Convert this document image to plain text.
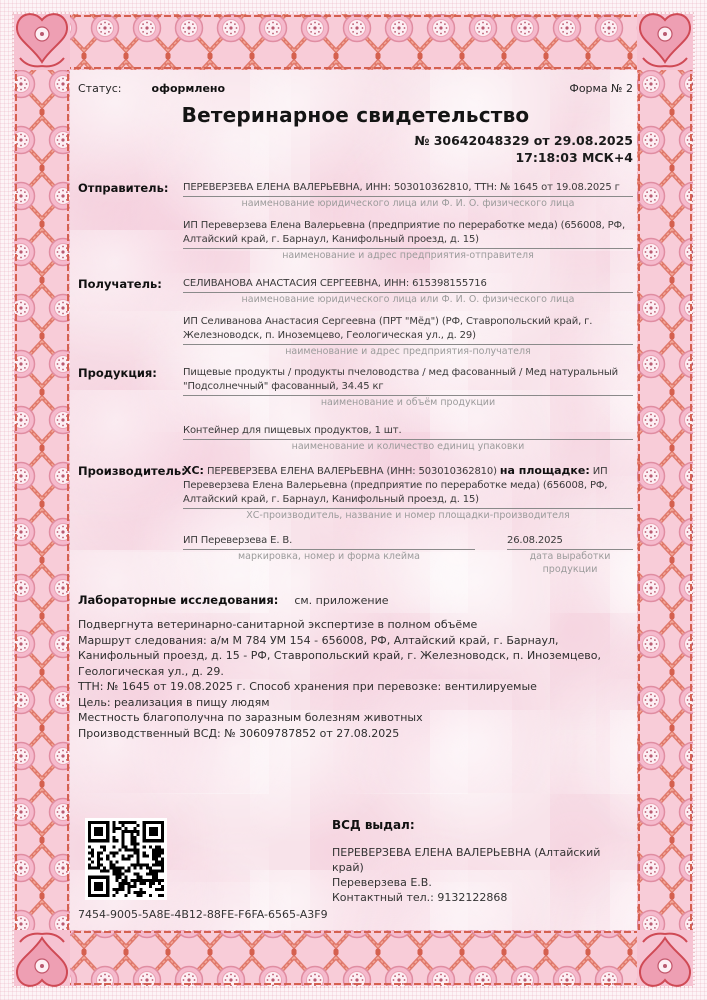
Статус:	оформлено	Форма № 2
Ветеринарное свидетельство
№ 30642048329 от 29.08.2025
17:18:03 МСК+4
Отправитель: ПЕРЕВЕРЗЕВА ЕЛЕНА ВАЛЕРЬЕВНА, ИНН: 503010362810, ТТН: № 1645 от 19.08.2025 г
наименование юридического лица или Ф. И. О. физического лица
ИП Переверзева Елена Валерьевна (предприятие по переработке меда) (656008, РФ, Алтайский край, г. Барнаул, Канифольный проезд, д. 15)
наименование и адрес предприятия-отправителя
Получатель: СЕЛИВАНОВА АНАСТАСИЯ СЕРГЕЕВНА, ИНН: 615398155716
наименование юридического лица или Ф. И. О. физического лица
ИП Селиванова Анастасия Сергеевна (ПРТ "Мёд") (РФ, Ставропольский край, г. Железноводск, п. Иноземцево, Геологическая ул., д. 29)
наименование и адрес предприятия-получателя
Продукция:	Пищевые продукты / продукты пчеловодства / мед фасованный / Мед натуральный "Подсолнечный" фасованный, 34.45 кг
наименование и объём продукции
Контейнер для пищевых продуктов, 1 шт.
наименование и количество единиц упаковки
Производитель:
ХС: ПЕРЕВЕРЗЕВА ЕЛЕНА ВАЛЕРЬЕВНА (ИНН: 503010362810) на площадке: ИП Переверзева Елена Валерьевна (предприятие по переработке меда) (656008, РФ, Алтайский край, г. Барнаул, Канифольный проезд, д. 15)
ХС-производитель, название и номер площадки-производителя
ИП Переверзева Е. В.
маркировка, номер и форма клейма
26.08.2025
дата выработки продукции
Лабораторные исследования: см. приложение
Подвергнута ветеринарно-санитарной экспертизе в полном объёме
Маршрут следования: а/м М 784 УМ 154 - 656008, РФ, Алтайский край, г. Барнаул, Канифольный проезд, д. 15 - РФ, Ставропольский край, г. Железноводск, п. Иноземцево, Геологическая ул., д. 29.
ТТН: № 1645 от 19.08.2025 г. Способ хранения при перевозке: вентилируемые
Цель: реализация в пищу людям
Местность благополучна по заразным болезням животных
Производственный ВСД: № 30609787852 от 27.08.2025
7454-9005-5A8E-4B12-88FE-F6FA-6565-A3F9
ВСД выдал:
ПЕРЕВЕРЗЕВА ЕЛЕНА ВАЛЕРЬЕВНА (Алтайский край)
Переверзева Е.В.
Контактный тел.: 9132122868
